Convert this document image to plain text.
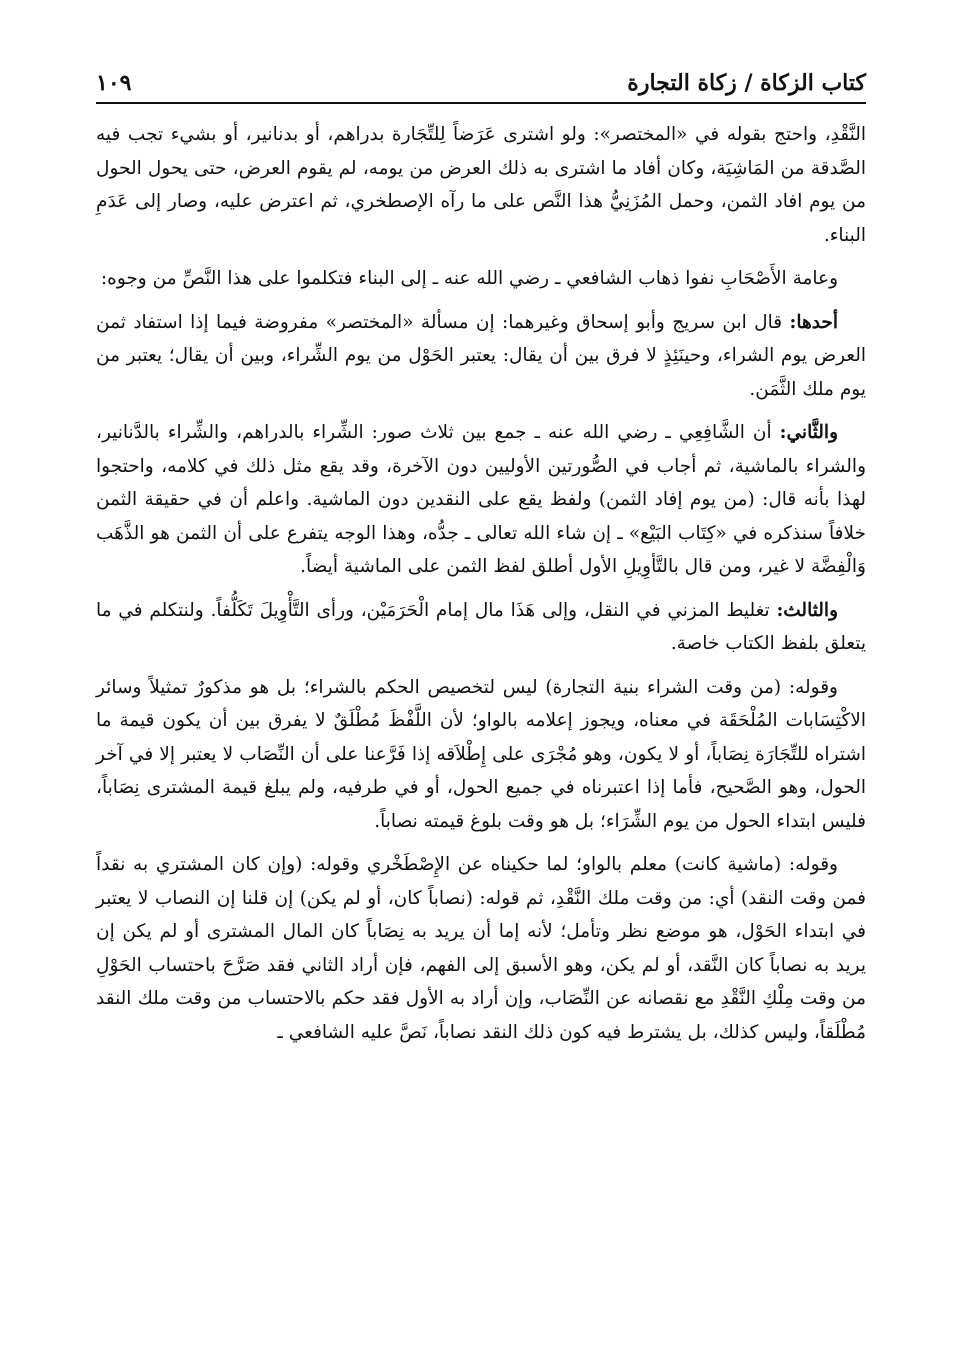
كتاب الزكاة / زكاة التجارة
١٠٩

النَّقْدِ، واحتج بقوله في «المختصر»: ولو اشترى عَرَضاً لِلتِّجَارة بدراهم، أو بدنانير، أو بشيء تجب فيه الصَّدقة من المَاشِيَة، وكان أفاد ما اشترى به ذلك العرض من يومه، لم يقوم العرض، حتى يحول الحول من يوم افاد الثمن، وحمل المُزَنِيُّ هذا النَّص على ما رآه الإصطخري، ثم اعترض عليه، وصار إلى عَدَمِ البناء.

وعامة الأَصْحَابِ نفوا ذهاب الشافعي ـ رضي الله عنه ـ إلى البناء فتكلموا على هذا النَّصِّ من وجوه:

أحدها: قال ابن سريج وأبو إسحاق وغيرهما: إن مسألة «المختصر» مفروضة فيما إذا استفاد ثمن العرض يوم الشراء، وحينَئِذٍ لا فرق بين أن يقال: يعتبر الحَوْل من يوم الشِّراء، وبين أن يقال؛ يعتبر من يوم ملك الثَّمَن.

والثَّاني: أن الشَّافِعِي ـ رضي الله عنه ـ جمع بين ثلاث صور: الشِّراء بالدراهم، والشِّراء بالدَّنانير، والشراء بالماشية، ثم أجاب في الصُّورتين الأوليين دون الآخرة، وقد يقع مثل ذلك في كلامه، واحتجوا لهذا بأنه قال: (من يوم إفاد الثمن) ولفظ يقع على النقدين دون الماشية. واعلم أن في حقيقة الثمن خلافاً سنذكره في «كِتَاب البَيْع» ـ إن شاء الله تعالى ـ جدُّه، وهذا الوجه يتفرع على أن الثمن هو الذَّهَب وَالْفِضَّة لا غير، ومن قال بالتَّأوِيلِ الأول أطلق لفظ الثمن على الماشية أيضاً.

والثالث: تغليط المزني في النقل، وإلى هَذَا مال إمام الْحَرَمَيْن، ورأى التَّأْوِيلَ تَكَلُّفاً. ولنتكلم في ما يتعلق بلفظ الكتاب خاصة.

وقوله: (من وقت الشراء بنية التجارة) ليس لتخصيص الحكم بالشراء؛ بل هو مذكورٌ تمثيلاً وسائر الاكْتِسَابات المُلْحَقَة في معناه، ويجوز إعلامه بالواو؛ لأن اللَّفْظَ مُطْلَقٌ لا يفرق بين أن يكون قيمة ما اشتراه للتِّجَارَة نِصَاباً، أو لا يكون، وهو مُجْرَى على إِطْلاَقه إذا فَرَّعنا على أن النِّصَاب لا يعتبر إلا في آخر الحول، وهو الصَّحيح، فأما إذا اعتبرناه في جميع الحول، أو في طرفيه، ولم يبلغ قيمة المشترى نِصَاباً، فليس ابتداء الحول من يوم الشِّرَاء؛ بل هو وقت بلوغ قيمته نصاباً.

وقوله: (ماشية كانت) معلم بالواو؛ لما حكيناه عن الإِصْطَخْري وقوله: (وإن كان المشتري به نقداً فمن وقت النقد) أي: من وقت ملك النَّقْدِ، ثم قوله: (نصاباً كان، أو لم يكن) إن قلنا إن النصاب لا يعتبر في ابتداء الحَوْل، هو موضع نظر وتأمل؛ لأنه إما أن يريد به نِصَاباً كان المال المشترى أو لم يكن إن يريد به نصاباً كان النَّقد، أو لم يكن، وهو الأسبق إلى الفهم، فإن أراد الثاني فقد صَرَّحَ باحتساب الحَوْلِ من وقت مِلْكِ النَّقْدِ مع نقصانه عن النِّصَاب، وإن أراد به الأول فقد حكم بالاحتساب من وقت ملك النقد مُطْلَقاً، وليس كذلك، بل يشترط فيه كون ذلك النقد نصاباً، نَصَّ عليه الشافعي ـ
